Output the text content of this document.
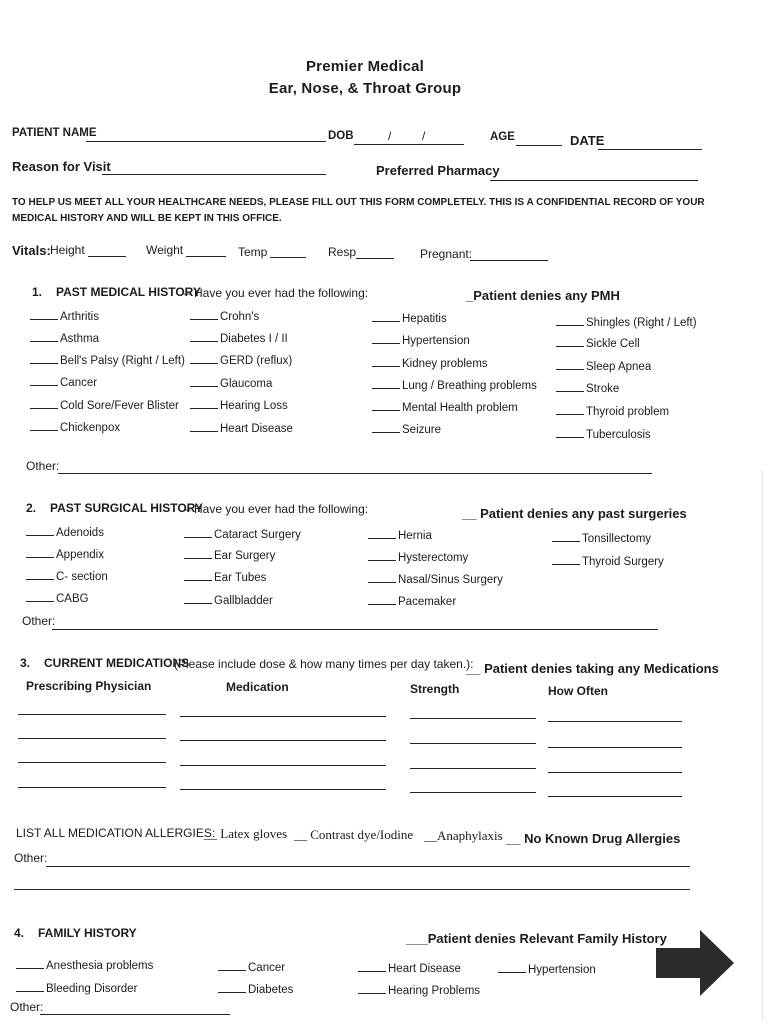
Premier Medical
Ear, Nose, & Throat Group
PATIENT NAME	DOB	/	/	AGE	DATE
Reason for Visit	Preferred Pharmacy
TO HELP US MEET ALL YOUR HEALTHCARE NEEDS, PLEASE FILL OUT THIS FORM COMPLETELY. THIS IS A CONFIDENTIAL RECORD OF YOUR
MEDICAL HISTORY AND WILL BE KEPT IN THIS OFFICE.
Vitals: Height	Weight	Temp	Resp	Pregnant:
1. PAST MEDICAL HISTORY
– Have you ever had the following:	_Patient denies any PMH
Arthritis
Asthma
Bell's Palsy (Right / Left)
Cancer
Cold Sore/Fever Blister
Chickenpox
Crohn's
Diabetes I / II
GERD (reflux)
Glaucoma
Hearing Loss
Heart Disease
Hepatitis
Hypertension
Kidney problems
Lung / Breathing problems
Mental Health problem
Seizure
Shingles (Right / Left)
Sickle Cell
Sleep Apnea
Stroke
Thyroid problem
Tuberculosis
Other:
2. PAST SURGICAL HISTORY
– Have you ever had the following:	__ Patient denies any past surgeries
Adenoids
Appendix
C- section
CABG
Cataract Surgery
Ear Surgery
Ear Tubes
Gallbladder
Hernia
Hysterectomy
Nasal/Sinus Surgery
Pacemaker
Tonsillectomy
Thyroid Surgery
Other:
3. CURRENT MEDICATIONS
(Please include dose & how many times per day taken.):
__ Patient denies taking any Medications
Prescribing Physician	Medication	Strength	How Often
LIST ALL MEDICATION ALLERGIES:
__ Latex gloves __ Contrast dye/Iodine __Anaphylaxis __ No Known Drug Allergies
Other:
4. FAMILY HISTORY	___Patient denies Relevant Family History
Anesthesia problems
Bleeding Disorder
Cancer
Diabetes
Heart Disease
Hearing Problems
Hypertension
Other:
